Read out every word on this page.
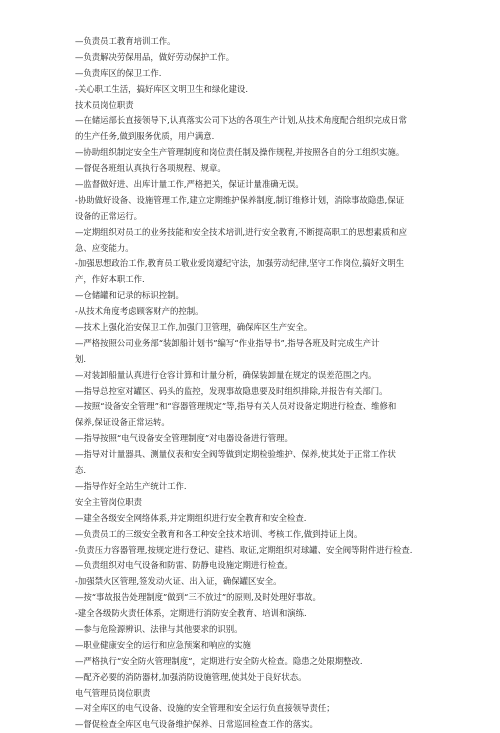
—负责员工教育培训工作。
—负责解决劳保用品，做好劳动保护工作。
—负责库区的保卫工作.
-关心职工生活，搞好库区文明卫生和绿化建设.
技术员岗位职责
—在储运部长直接领导下,认真落实公司下达的各项生产计划,从技术角度配合组织完成日常
的生产任务,做到服务优质，用户满意.
—协助组织制定安全生产管理制度和岗位责任制及操作规程,并按照各自的分工组织实施。
—督促各班组认真执行各项规程、规章。
—监督做好进、出库计量工作,严格把关，保证计量准确无误。
-协助做好设备、设施管理工作,建立定期维护保养制度,制订维修计划，消除事故隐患,保证
设备的正常运行。
—定期组织对员工的业务技能和安全技术培训,进行安全教育,不断提高职工的思想素质和应
急、应变能力。
-加强思想政治工作,教育员工敬业爱岗遵纪守法，加强劳动纪律,坚守工作岗位,搞好文明生
产，作好本职工作.
—仓储罐和记录的标识控制。
-从技术角度考虑顾客财产的控制。
—技术上强化治安保卫工作,加强门卫管理，确保库区生产安全。
—严格按照公司业务部“装卸船计划书”编写“作业指导书”,指导各班及时完成生产计
划.
—对装卸船量认真进行仓容计算和计量分析，确保装卸量在规定的误差范围之内。
—指导总控室对罐区、码头的监控，发现事故隐患要及时组织排除,并报告有关部门。
—按照“设备安全管理”和“容器管理规定”等,指导有关人员对设备定期进行检查、维修和
保养,保证设备正常运转。
—指导按照“电气设备安全管理制度”对电器设备进行管理。
—指导对计量器具、测量仪表和安全阀等做到定期检验维护、保养,使其处于正常工作状
态.
—指导作好全站生产统计工作.
安全主管岗位职责
—建全各级安全网络体系,并定期组织进行安全教育和安全检查.
—负责员工的三级安全教育和各工种安全技术培训、考核工作,做到持证上岗。
-负责压力容器管理,按规定进行登记、建档、取证,定期组织对球罐、安全阀等附件进行检查.
—负责组织对电气设备和防雷、防静电设施定期进行检查。
-加强禁火区管理,签发动火证、出入证，确保罐区安全。
—按“事故报告处理制度”做到“三不放过”的原则,及时处理好事故。
-建全各级防火责任体系，定期进行消防安全教育、培训和演练.
—参与危险源辨识、法律与其他要求的识别。
—职业健康安全的运行和应急预案和响应的实施
—严格执行“安全防火管理制度”，定期进行安全防火检查。隐患之处限期整改.
—配齐必要的消防器材,加强消防设施管理,使其处于良好状态。
电气管理员岗位职责
—对全库区的电气设备、设施的安全管理和安全运行负直接领导责任；
—督促检查全库区电气设备维护保养、日常巡回检查工作的落实。
